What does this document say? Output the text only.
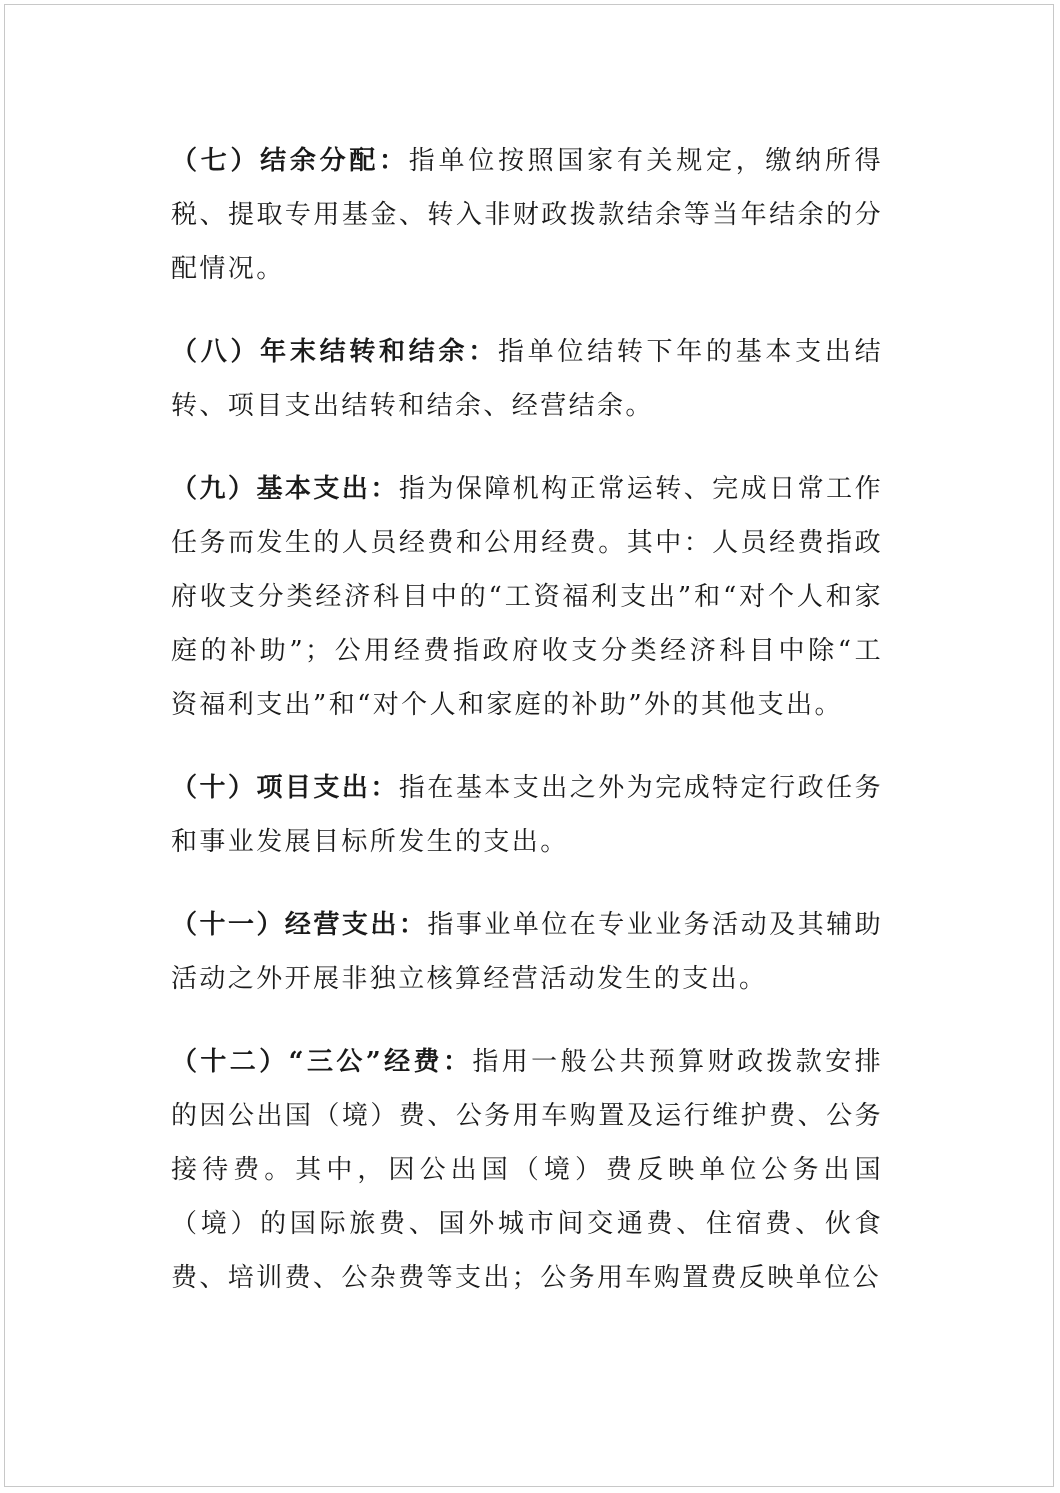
（七）结余分配：指单位按照国家有关规定，缴纳所得税、提取专用基金、转入非财政拨款结余等当年结余的分配情况。

（八）年末结转和结余：指单位结转下年的基本支出结转、项目支出结转和结余、经营结余。

（九）基本支出：指为保障机构正常运转、完成日常工作任务而发生的人员经费和公用经费。其中：人员经费指政府收支分类经济科目中的“工资福利支出”和“对个人和家庭的补助”；公用经费指政府收支分类经济科目中除“工资福利支出”和“对个人和家庭的补助”外的其他支出。

（十）项目支出：指在基本支出之外为完成特定行政任务和事业发展目标所发生的支出。

（十一）经营支出：指事业单位在专业业务活动及其辅助活动之外开展非独立核算经营活动发生的支出。

（十二）“三公”经费：指用一般公共预算财政拨款安排的因公出国（境）费、公务用车购置及运行维护费、公务接待费。其中，因公出国（境）费反映单位公务出国（境）的国际旅费、国外城市间交通费、住宿费、伙食费、培训费、公杂费等支出；公务用车购置费反映单位公
